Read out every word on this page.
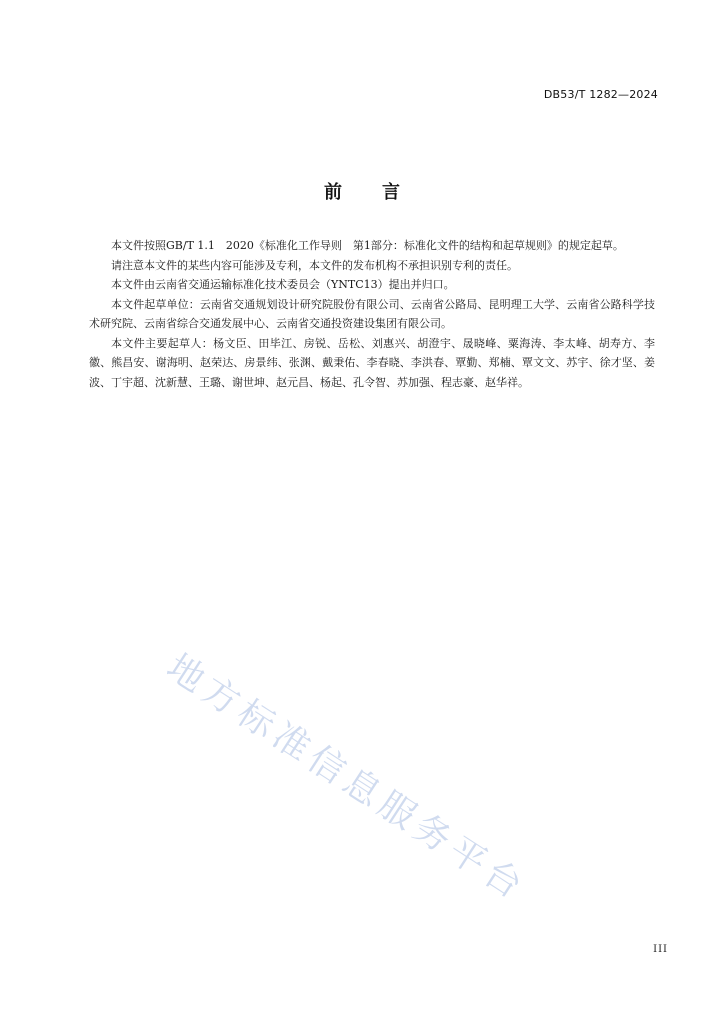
DB53/T 1282—2024
前言

本文件按照GB/T 1.1　2020《标准化工作导则　第1部分：标准化文件的结构和起草规则》的规定起草。

请注意本文件的某些内容可能涉及专利，本文件的发布机构不承担识别专利的责任。

本文件由云南省交通运输标准化技术委员会（YNTC13）提出并归口。

本文件起草单位：云南省交通规划设计研究院股份有限公司、云南省公路局、昆明理工大学、云南省公路科学技术研究院、云南省综合交通发展中心、云南省交通投资建设集团有限公司。

本文件主要起草人：杨文臣、田毕江、房锐、岳松、刘惠兴、胡澄宇、晟晓峰、粟海涛、李太峰、胡寿方、李徽、熊昌安、谢海明、赵荣达、房景纬、张渊、戴秉佑、李春晓、李洪春、覃勤、郑楠、覃文文、苏宇、徐才坚、姜波、丁宇超、沈新慧、王璐、谢世坤、赵元昌、杨起、孔令智、苏加强、程志豪、赵华祥。

地方标准信息服务平台
III
